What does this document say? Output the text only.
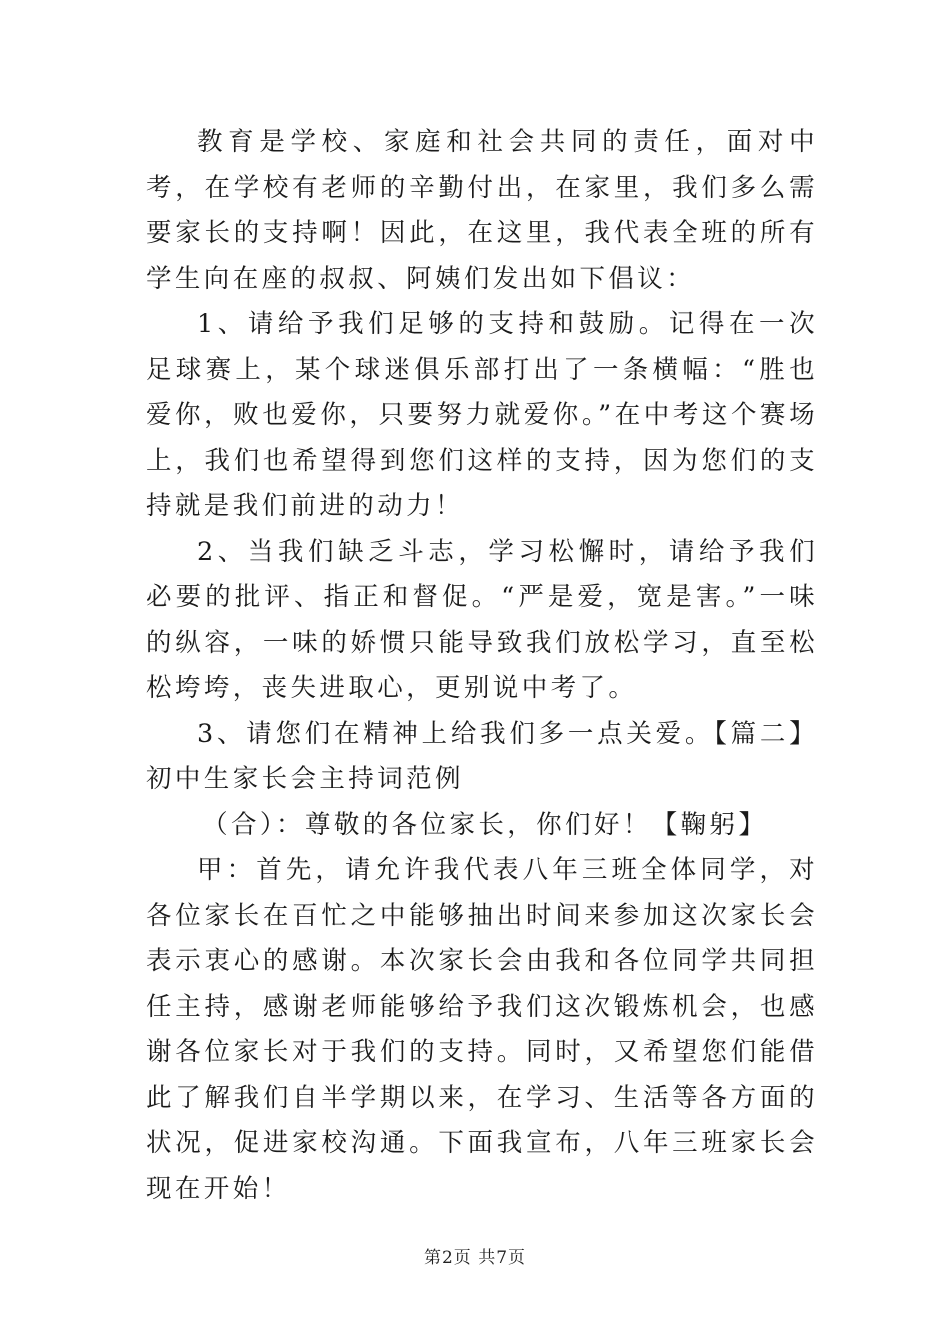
教育是学校、家庭和社会共同的责任，面对中考，在学校有老师的辛勤付出，在家里，我们多么需要家长的支持啊！因此，在这里，我代表全班的所有学生向在座的叔叔、阿姨们发出如下倡议：

1、请给予我们足够的支持和鼓励。记得在一次足球赛上，某个球迷俱乐部打出了一条横幅：“胜也爱你，败也爱你，只要努力就爱你。”在中考这个赛场上，我们也希望得到您们这样的支持，因为您们的支持就是我们前进的动力！

2、当我们缺乏斗志，学习松懈时，请给予我们必要的批评、指正和督促。“严是爱，宽是害。”一味的纵容，一味的娇惯只能导致我们放松学习，直至松松垮垮，丧失进取心，更别说中考了。

3、请您们在精神上给我们多一点关爱。【篇二】初中生家长会主持词范例

（合）：尊敬的各位家长，你们好！【鞠躬】

甲：首先，请允许我代表八年三班全体同学，对各位家长在百忙之中能够抽出时间来参加这次家长会表示衷心的感谢。本次家长会由我和各位同学共同担任主持，感谢老师能够给予我们这次锻炼机会，也感谢各位家长对于我们的支持。同时，又希望您们能借此了解我们自半学期以来，在学习、生活等各方面的状况，促进家校沟通。下面我宣布，八年三班家长会现在开始！

第2页 共7页
